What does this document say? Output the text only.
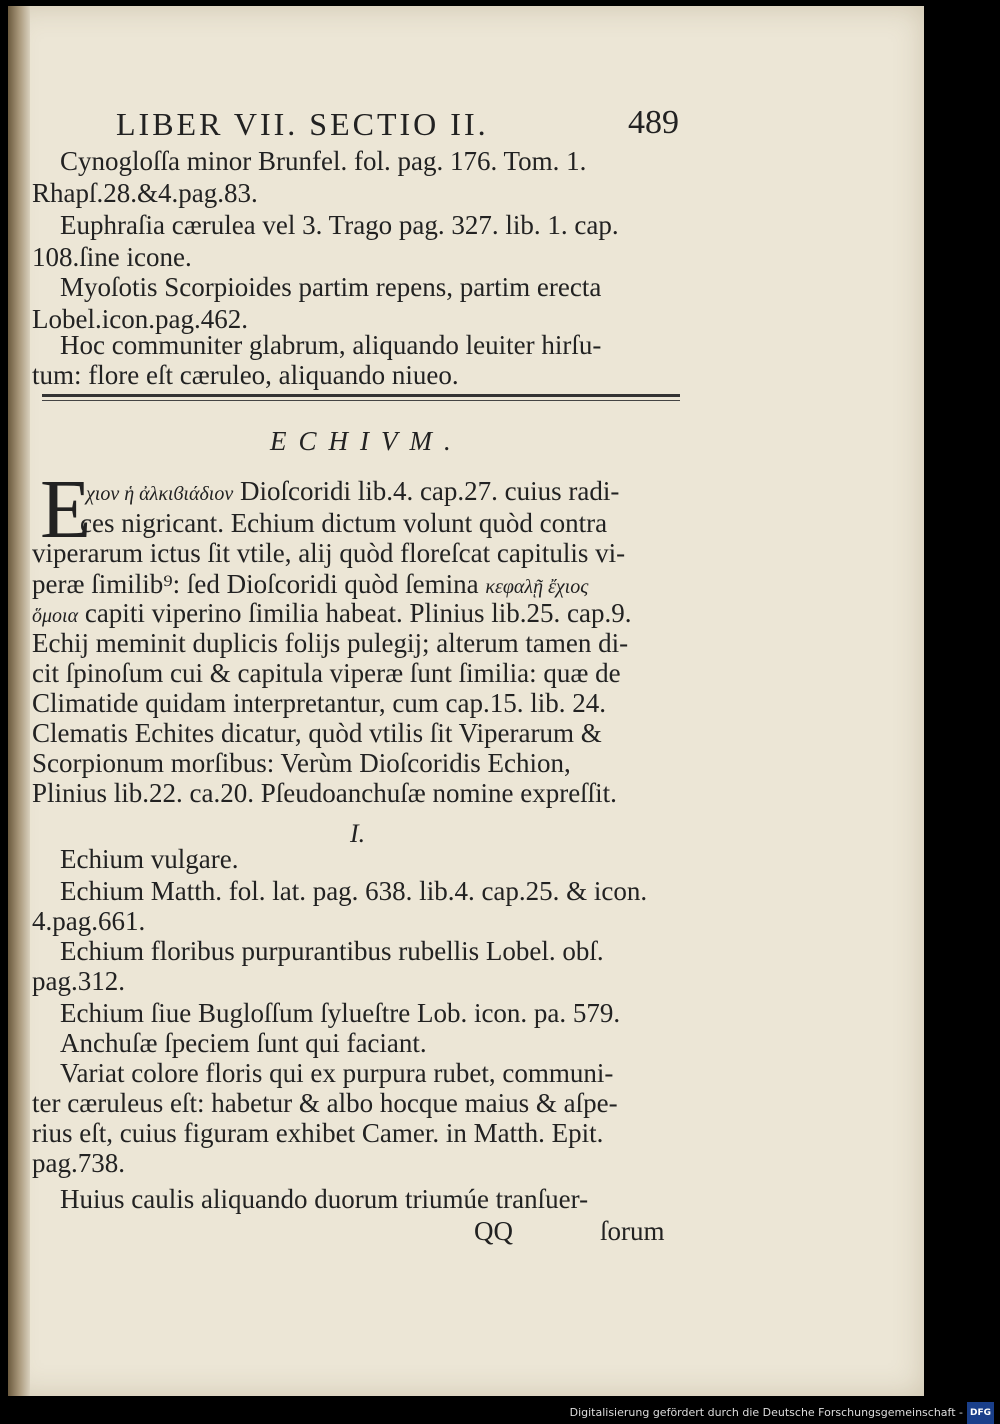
LIBER VII. SECTIO II.	489
Cynogloſſa minor Brunfel. fol. pag. 176. Tom. 1.
Rhapſ.28.&4.pag.83.
Euphraſia cærulea vel 3. Trago pag. 327. lib. 1. cap.
108.ſine icone.
Myoſotis Scorpioides partim repens, partim erecta
Lobel.icon.pag.462.
Hoc communiter glabrum, aliquando leuiter hirſu-
tum: flore eſt cæruleo, aliquando niueo.
ECHIVM.
E
χιον ἡ ἀλκιϐιάδιον Dioſcoridi lib.4. cap.27. cuius radi-
ces nigricant. Echium dictum volunt quòd contra
viperarum ictus ſit vtile, alij quòd floreſcat capitulis vi-
peræ ſimilib⁹: ſed Dioſcoridi quòd ſemina κεφαλῇ ἔχιος
ὅμοια capiti viperino ſimilia habeat. Plinius lib.25. cap.9.
Echij meminit duplicis folijs pulegij; alterum tamen di-
cit ſpinoſum cui & capitula viperæ ſunt ſimilia: quæ de
Climatide quidam interpretantur, cum cap.15. lib. 24.
Clematis Echites dicatur, quòd vtilis ſit Viperarum &
Scorpionum morſibus: Verùm Dioſcoridis Echion,
Plinius lib.22. ca.20. Pſeudoanchuſæ nomine expreſſit.
I.
Echium vulgare.
Echium Matth. fol. lat. pag. 638. lib.4. cap.25. & icon.
4.pag.661.
Echium floribus purpurantibus rubellis Lobel. obſ.
pag.312.
Echium ſiue Bugloſſum ſylueſtre Lob. icon. pa. 579.
Anchuſæ ſpeciem ſunt qui faciant.
Variat colore floris qui ex purpura rubet, communi-
ter cæruleus eſt: habetur & albo hocque maius & aſpe-
rius eſt, cuius figuram exhibet Camer. in Matth. Epit.
pag.738.
Huius caulis aliquando duorum triumúe tranſuer-
QQ	ſorum
Digitalisierung gefördert durch die Deutsche Forschungsgemeinschaft - DFG
